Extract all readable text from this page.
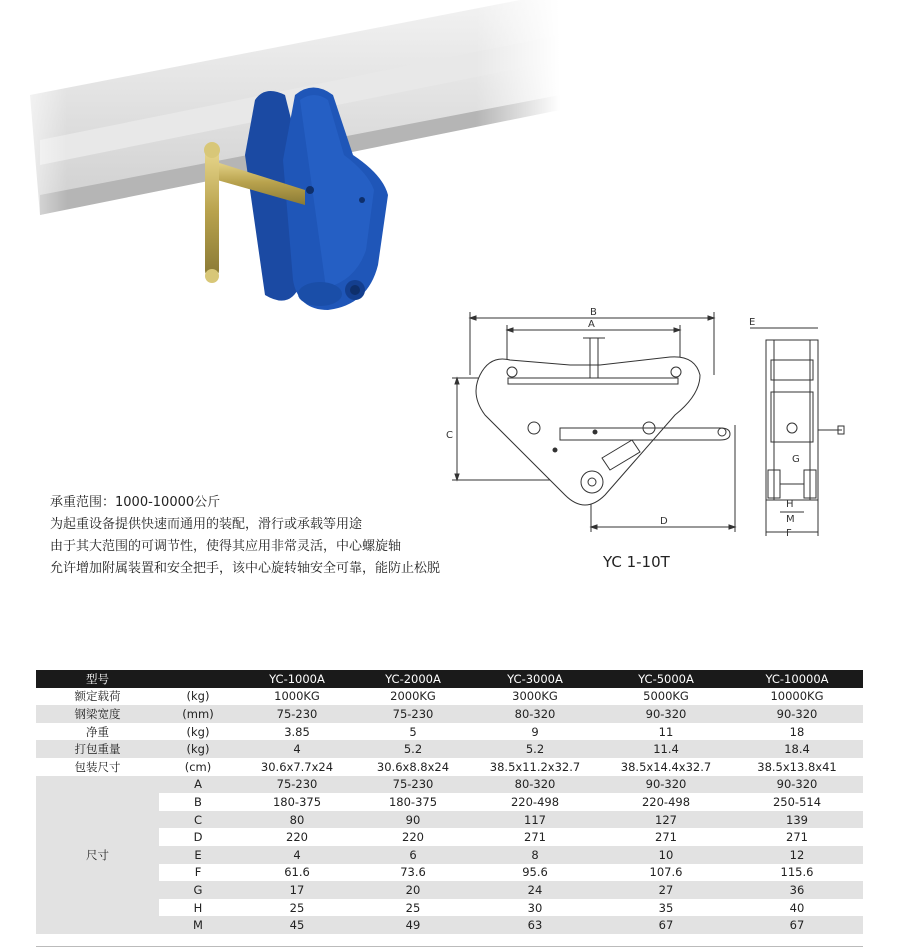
承重范围：1000-10000公斤
为起重设备提供快速而通用的装配，滑行或承载等用途
由于其大范围的可调节性，使得其应用非常灵活，中心螺旋轴
允许增加附属装置和安全把手，该中心旋转轴安全可靠，能防止松脱
B
A
C
D
E
G
H
M
F
YC 1-10T
型号		YC-1000A	YC-2000A	YC-3000A	YC-5000A	YC-10000A
额定载荷	(kg)	1000KG	2000KG	3000KG	5000KG	10000KG
钢梁宽度	(mm)	75-230	75-230	80-320	90-320	90-320
净重	(kg)	3.85	5	9	11	18
打包重量	(kg)	4	5.2	5.2	11.4	18.4
包装尺寸	(cm)	30.6x7.7x24	30.6x8.8x24	38.5x11.2x32.7	38.5x14.4x32.7	38.5x13.8x41
尺寸	A	75-230	75-230	80-320	90-320	90-320
	B	180-375	180-375	220-498	220-498	250-514
	C	80	90	117	127	139
	D	220	220	271	271	271
	E	4	6	8	10	12
	F	61.6	73.6	95.6	107.6	115.6
	G	17	20	24	27	36
	H	25	25	30	35	40
	M	45	49	63	67	67
